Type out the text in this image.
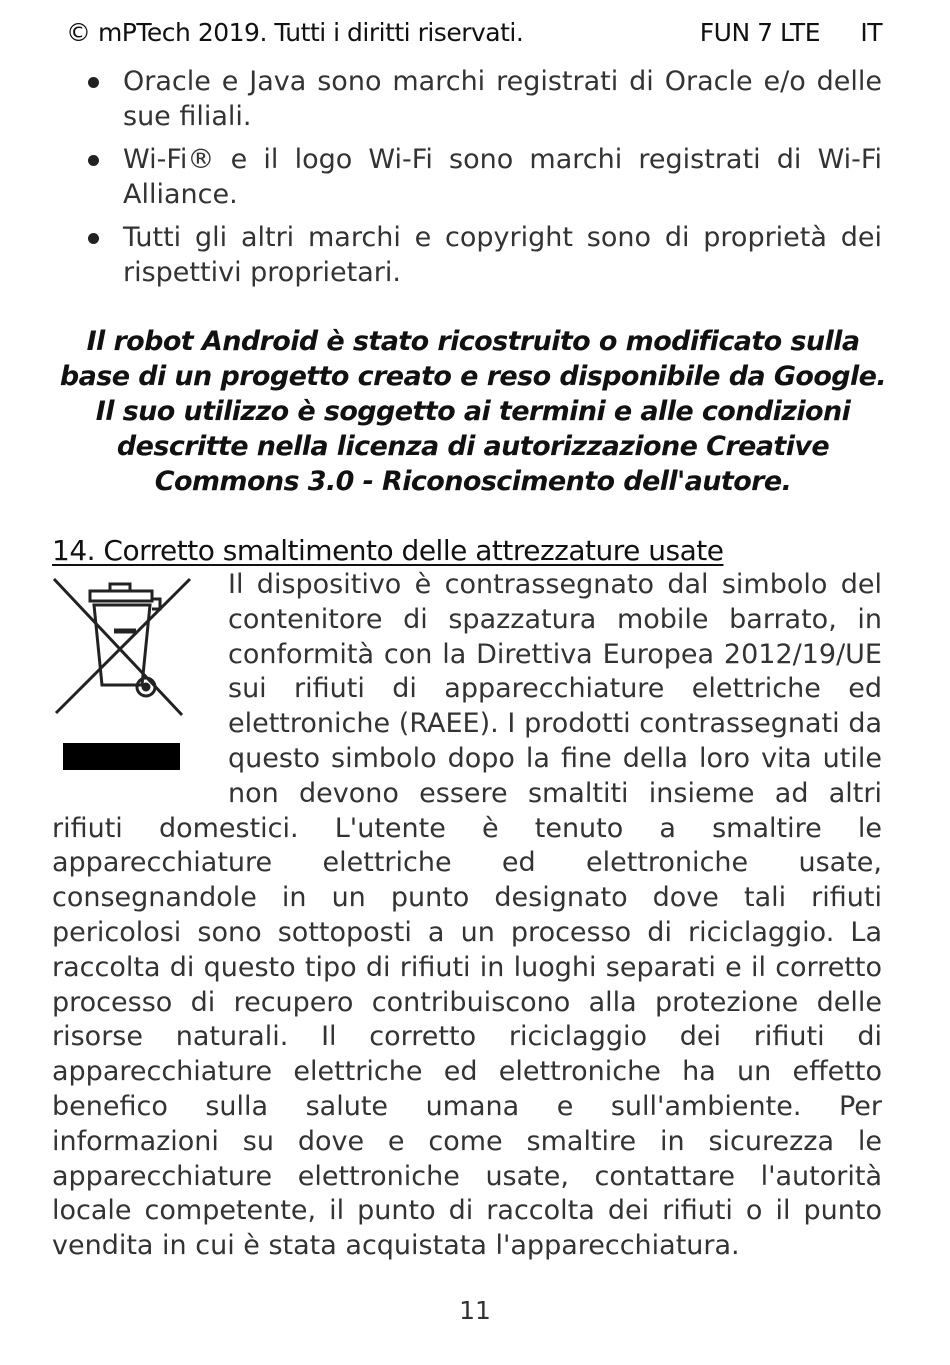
© mPTech 2019. Tutti i diritti riservati.	FUN 7 LTE IT
Oracle e Java sono marchi registrati di Oracle e/o delle sue filiali.
Wi-Fi® e il logo Wi-Fi sono marchi registrati di Wi-Fi Alliance.
Tutti gli altri marchi e copyright sono di proprietà dei rispettivi proprietari.
Il robot Android è stato ricostruito o modificato sulla base di un progetto creato e reso disponibile da Google. Il suo utilizzo è soggetto ai termini e alle condizioni descritte nella licenza di autorizzazione Creative Commons 3.0 - Riconoscimento dell'autore.
14. Corretto smaltimento delle attrezzature usate

Il dispositivo è contrassegnato dal simbolo del contenitore di spazzatura mobile barrato, in conformità con la Direttiva Europea 2012/19/UE sui rifiuti di apparecchiature elettriche ed elettroniche (RAEE). I prodotti contrassegnati da questo simbolo dopo la fine della loro vita utile non devono essere smaltiti insieme ad altri rifiuti domestici. L'utente è tenuto a smaltire le apparecchiature elettriche ed elettroniche usate, consegnandole in un punto designato dove tali rifiuti pericolosi sono sottoposti a un processo di riciclaggio. La raccolta di questo tipo di rifiuti in luoghi separati e il corretto processo di recupero contribuiscono alla protezione delle risorse naturali. Il corretto riciclaggio dei rifiuti di apparecchiature elettriche ed elettroniche ha un effetto benefico sulla salute umana e sull'ambiente. Per informazioni su dove e come smaltire in sicurezza le apparecchiature elettroniche usate, contattare l'autorità locale competente, il punto di raccolta dei rifiuti o il punto vendita in cui è stata acquistata l'apparecchiatura.

11
